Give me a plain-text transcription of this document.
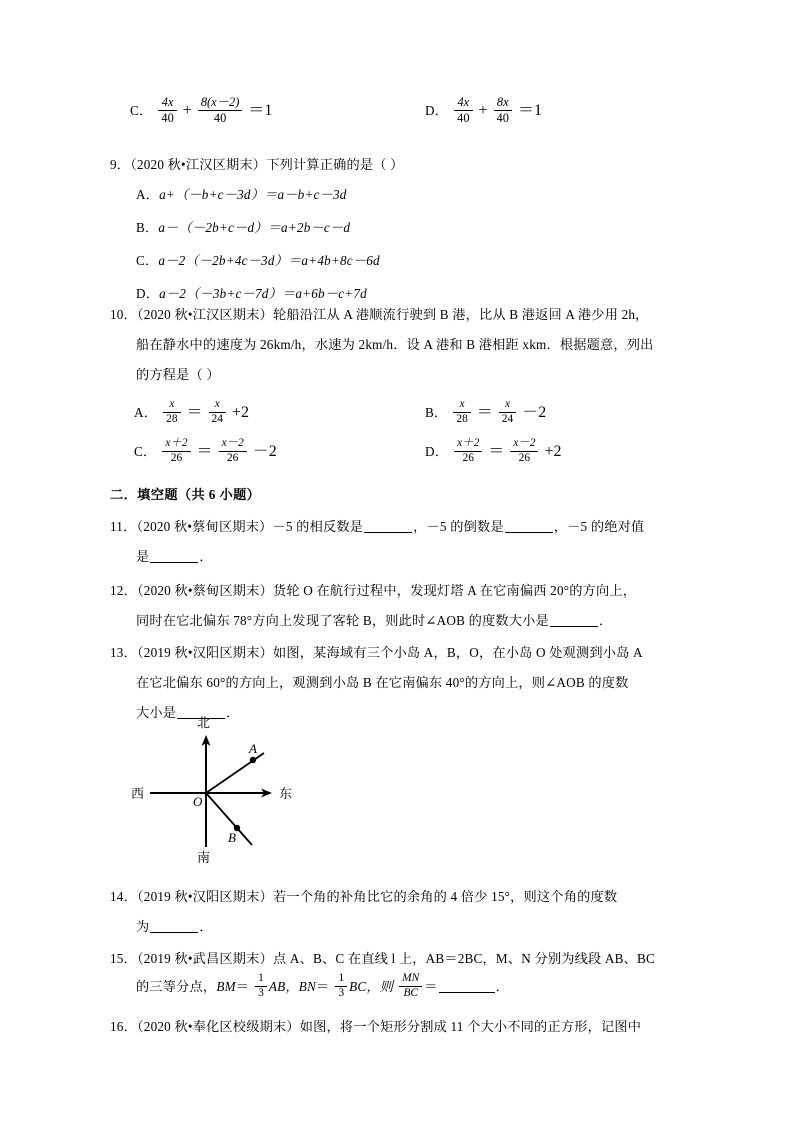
C． $\frac{4x}{40} + \frac{8(x-2)}{40} =1$	D． $\frac{4x}{40} + \frac{8x}{40} =1$
9．（2020 秋•江汉区期末）下列计算正确的是（ ）
A．a+（－b+c－3d）＝a－b+c－3d
B．a－（－2b+c－d）＝a+2b－c－d
C．a－2（－2b+4c－3d）＝a+4b+8c－6d
D．a－2（－3b+c－7d）＝a+6b－c+7d
10．（2020 秋•江汉区期末）轮船沿江从 A 港顺流行驶到 B 港，比从 B 港返回 A 港少用 2h，
船在静水中的速度为 26km/h，水速为 2km/h．设 A 港和 B 港相距 xkm．根据题意，列出
的方程是（ ）
A． $\frac{x}{28} = \frac{x}{24} +2$	B． $\frac{x}{28} = \frac{x}{24} -2$
C． $\frac{x+2}{26} = \frac{x-2}{26} -2$	D． $\frac{x+2}{26} = \frac{x-2}{26} +2$
二．填空题（共 6 小题）
11．（2020 秋•蔡甸区期末）－5 的相反数是	，－5 的倒数是	，－5 的绝对值
是	．
12．（2020 秋•蔡甸区期末）货轮 O 在航行过程中，发现灯塔 A 在它南偏西 20°的方向上，
同时在它北偏东 78°方向上发现了客轮 B，则此时∠AOB 的度数大小是	．
13．（2019 秋•汉阳区期末）如图，某海域有三个小岛 A，B，O，在小岛 O 处观测到小岛 A
在它北偏东 60°的方向上，观测到小岛 B 在它南偏东 40°的方向上，则∠AOB 的度数
大小是	．
北
南
东
西
O
A
B
14．（2019 秋•汉阳区期末）若一个角的补角比它的余角的 4 倍少 15°，则这个角的度数
为	．
15．（2019 秋•武昌区期末）点 A、B、C 在直线 l 上，AB＝2BC，M、N 分别为线段 AB、BC
的三等分点，$BM= \frac{1}{3}$ AB，$BN= \frac{1}{3}$ BC，则 $\frac{MN}{BC}$ ＝	．
16．（2020 秋•奉化区校级期末）如图，将一个矩形分割成 11 个大小不同的正方形，记图中
